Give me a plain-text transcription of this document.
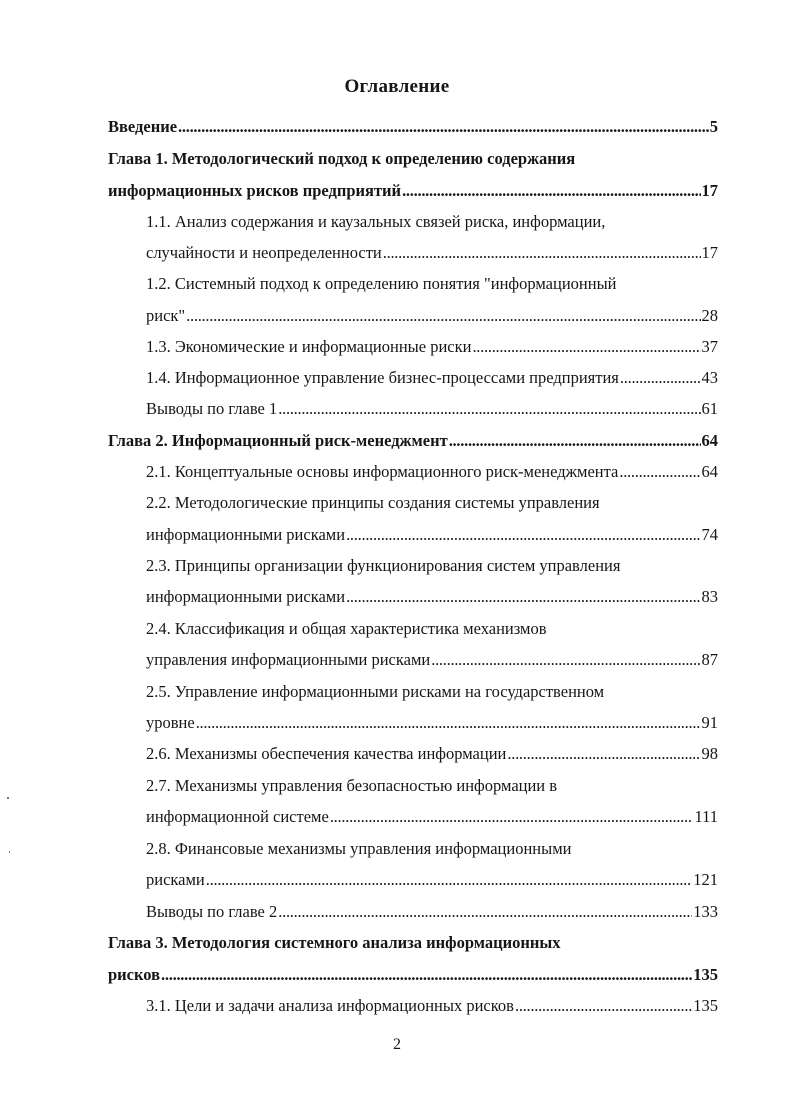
Оглавление
Введение . . .	5
Глава 1. Методологический подход к определению содержания
информационных рисков предприятий . . .	17
1.1. Анализ содержания и каузальных связей риска, информации,
случайности и неопределенности . . .	17
1.2. Системный подход к определению понятия "информационный
риск" . . .	28
1.3. Экономические и информационные риски . . .	37
1.4. Информационное управление бизнес-процессами предприятия . . .	43
Выводы по главе 1 . . .	61
Глава 2. Информационный риск-менеджмент . . .	64
2.1. Концептуальные основы информационного риск-менеджмента . . .	64
2.2. Методологические принципы создания системы управления
информационными рисками . . .	74
2.3. Принципы организации функционирования систем управления
информационными рисками . . .	83
2.4. Классификация и общая характеристика механизмов
управления информационными рисками . . .	87
2.5. Управление информационными рисками на государственном
уровне . . .	91
2.6. Механизмы обеспечения качества информации . . .	98
2.7. Механизмы управления безопасностью информации в
информационной системе . . .	111
2.8. Финансовые механизмы управления информационными
рисками . . .	121
Выводы по главе 2 . . .	133
Глава 3. Методология системного анализа информационных
рисков . . .	135
3.1. Цели и задачи анализа информационных рисков . . .	135
2
